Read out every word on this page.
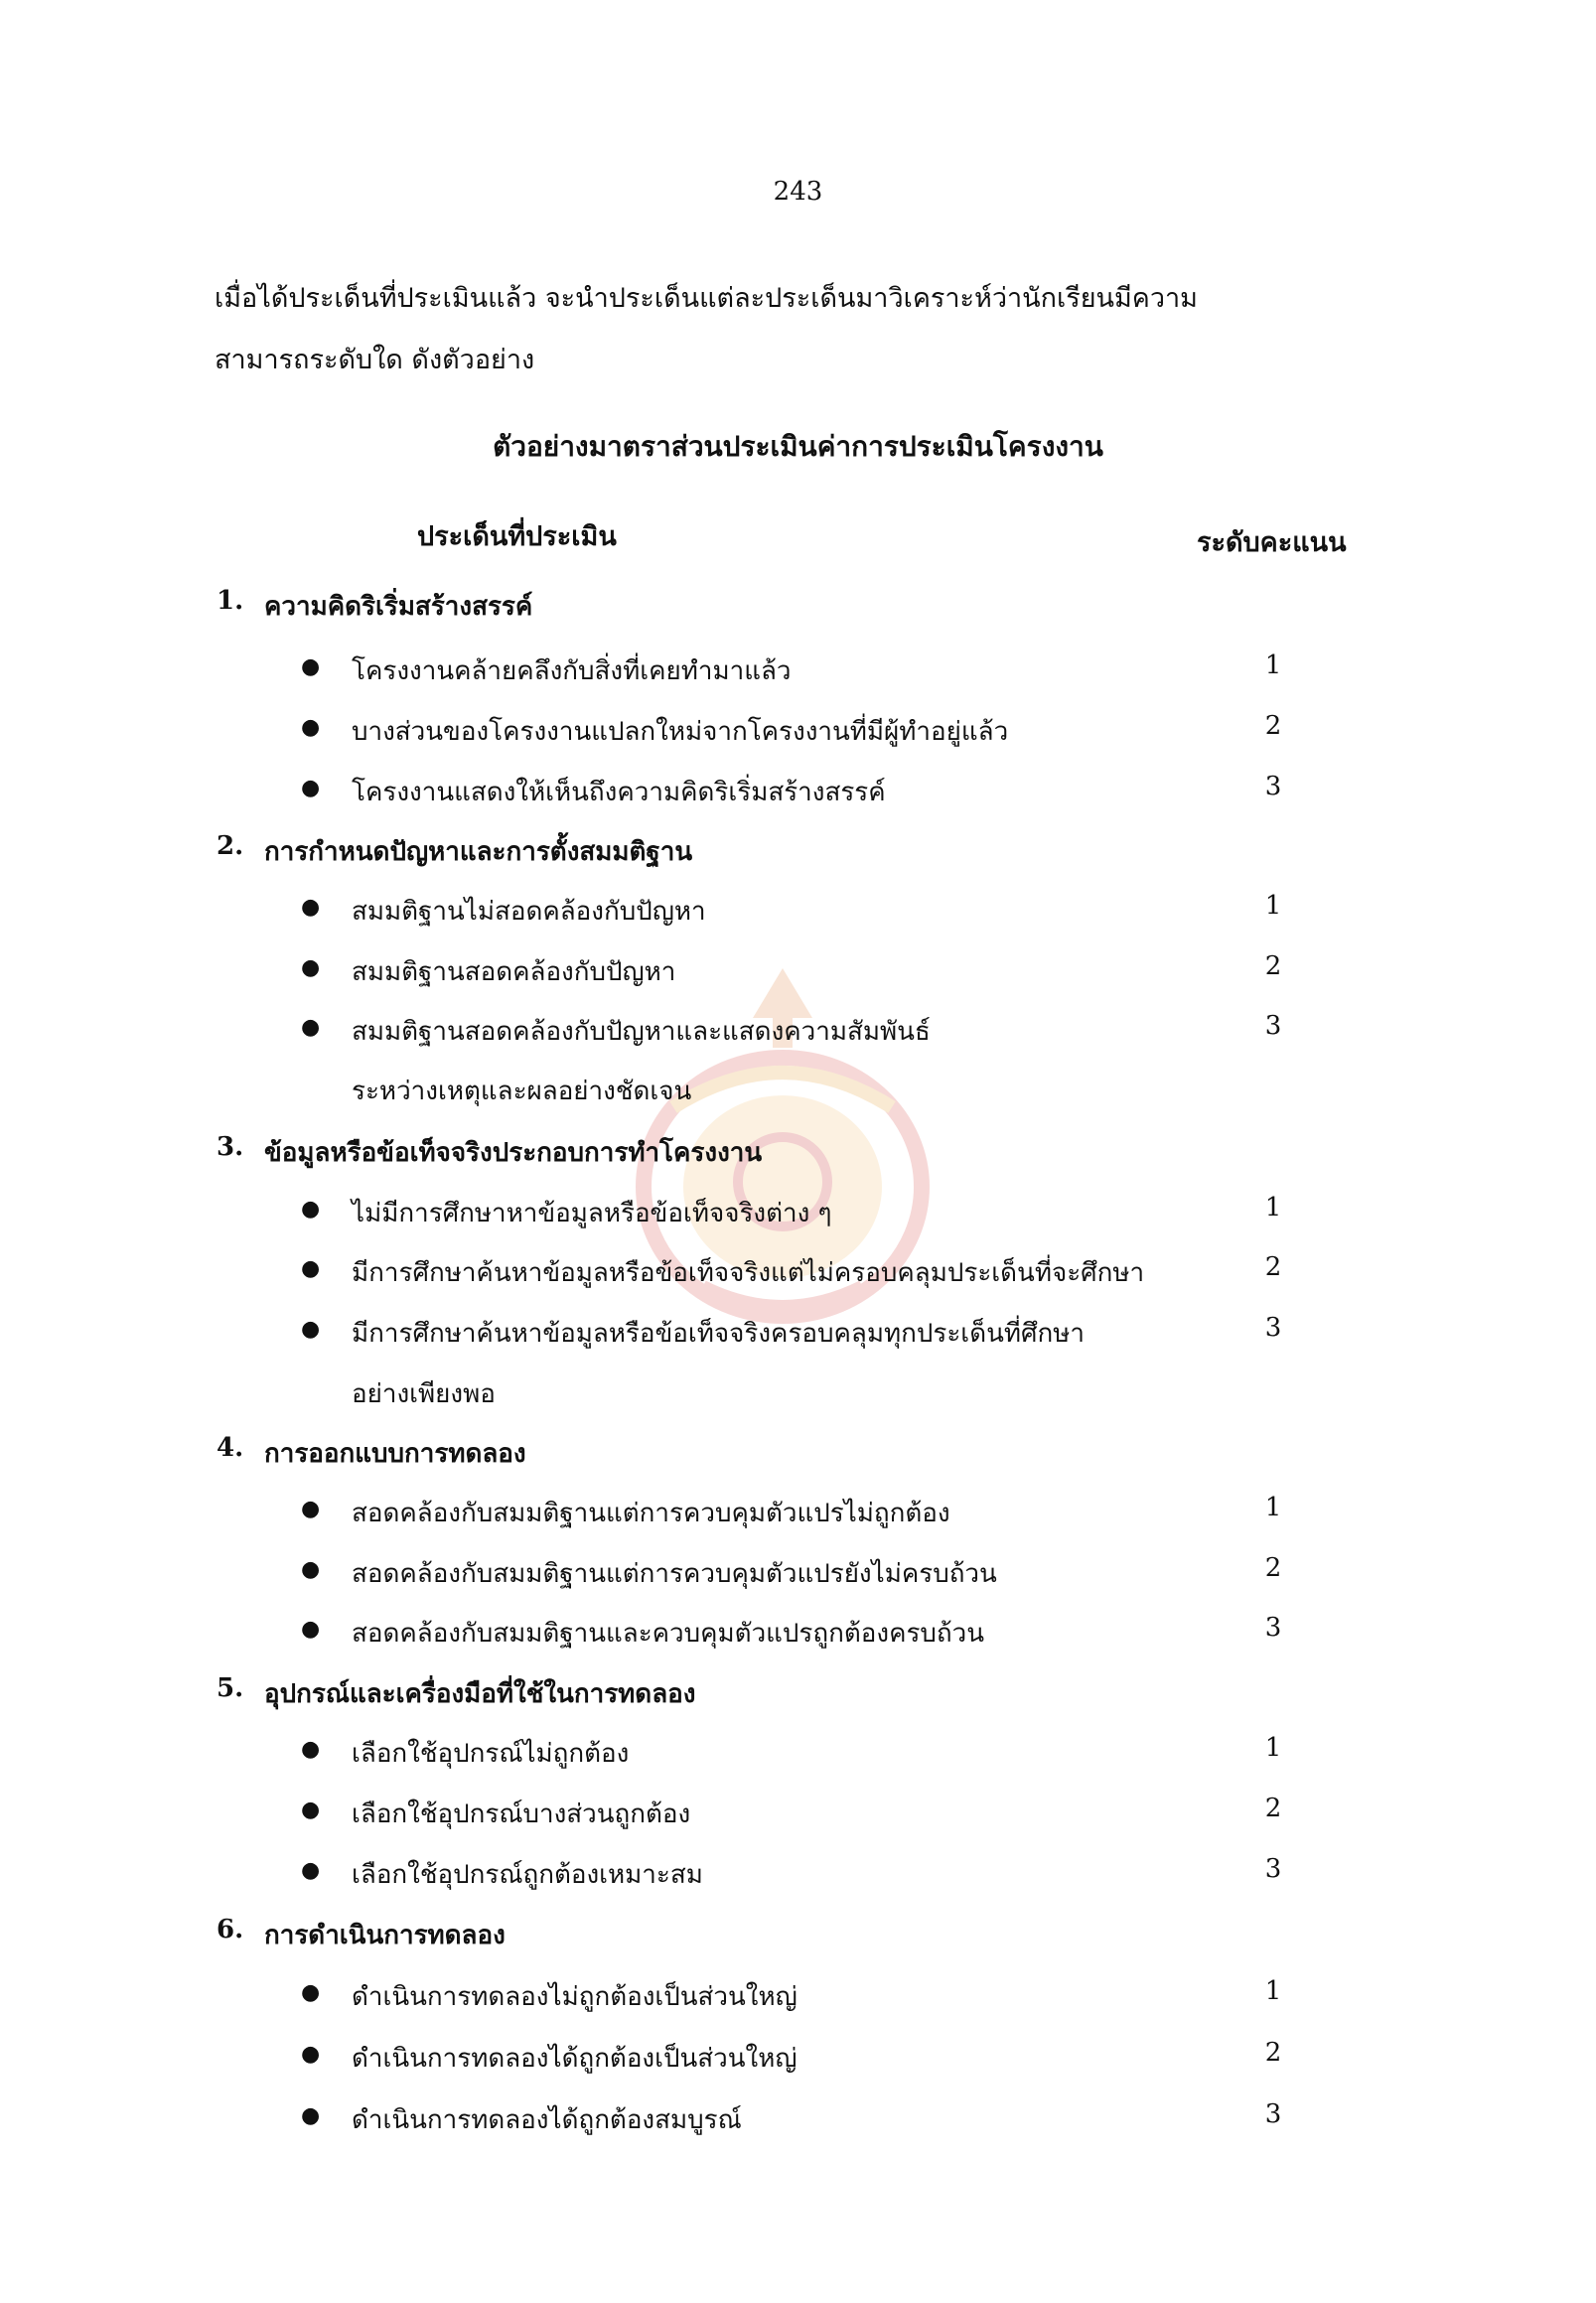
243
เมื่อได้ประเด็นที่ประเมินแล้ว จะนำประเด็นแต่ละประเด็นมาวิเคราะห์ว่านักเรียนมีความ
สามารถระดับใด ดังตัวอย่าง
ตัวอย่างมาตราส่วนประเมินค่าการประเมินโครงงาน
ประเด็นที่ประเมิน	ระดับคะแนน
1. ความคิดริเริ่มสร้างสรรค์
● โครงงานคล้ายคลึงกับสิ่งที่เคยทำมาแล้ว	1
● บางส่วนของโครงงานแปลกใหม่จากโครงงานที่มีผู้ทำอยู่แล้ว	2
● โครงงานแสดงให้เห็นถึงความคิดริเริ่มสร้างสรรค์	3
2. การกำหนดปัญหาและการตั้งสมมติฐาน
● สมมติฐานไม่สอดคล้องกับปัญหา	1
● สมมติฐานสอดคล้องกับปัญหา	2
● สมมติฐานสอดคล้องกับปัญหาและแสดงความสัมพันธ์	3
ระหว่างเหตุและผลอย่างชัดเจน
3. ข้อมูลหรือข้อเท็จจริงประกอบการทำโครงงาน
● ไม่มีการศึกษาหาข้อมูลหรือข้อเท็จจริงต่าง ๆ	1
● มีการศึกษาค้นหาข้อมูลหรือข้อเท็จจริงแต่ไม่ครอบคลุมประเด็นที่จะศึกษา	2
● มีการศึกษาค้นหาข้อมูลหรือข้อเท็จจริงครอบคลุมทุกประเด็นที่ศึกษา	3
อย่างเพียงพอ
4. การออกแบบการทดลอง
● สอดคล้องกับสมมติฐานแต่การควบคุมตัวแปรไม่ถูกต้อง	1
● สอดคล้องกับสมมติฐานแต่การควบคุมตัวแปรยังไม่ครบถ้วน	2
● สอดคล้องกับสมมติฐานและควบคุมตัวแปรถูกต้องครบถ้วน	3
5. อุปกรณ์และเครื่องมือที่ใช้ในการทดลอง
● เลือกใช้อุปกรณ์ไม่ถูกต้อง	1
● เลือกใช้อุปกรณ์บางส่วนถูกต้อง	2
● เลือกใช้อุปกรณ์ถูกต้องเหมาะสม	3
6. การดำเนินการทดลอง
● ดำเนินการทดลองไม่ถูกต้องเป็นส่วนใหญ่	1
● ดำเนินการทดลองได้ถูกต้องเป็นส่วนใหญ่	2
● ดำเนินการทดลองได้ถูกต้องสมบูรณ์	3
